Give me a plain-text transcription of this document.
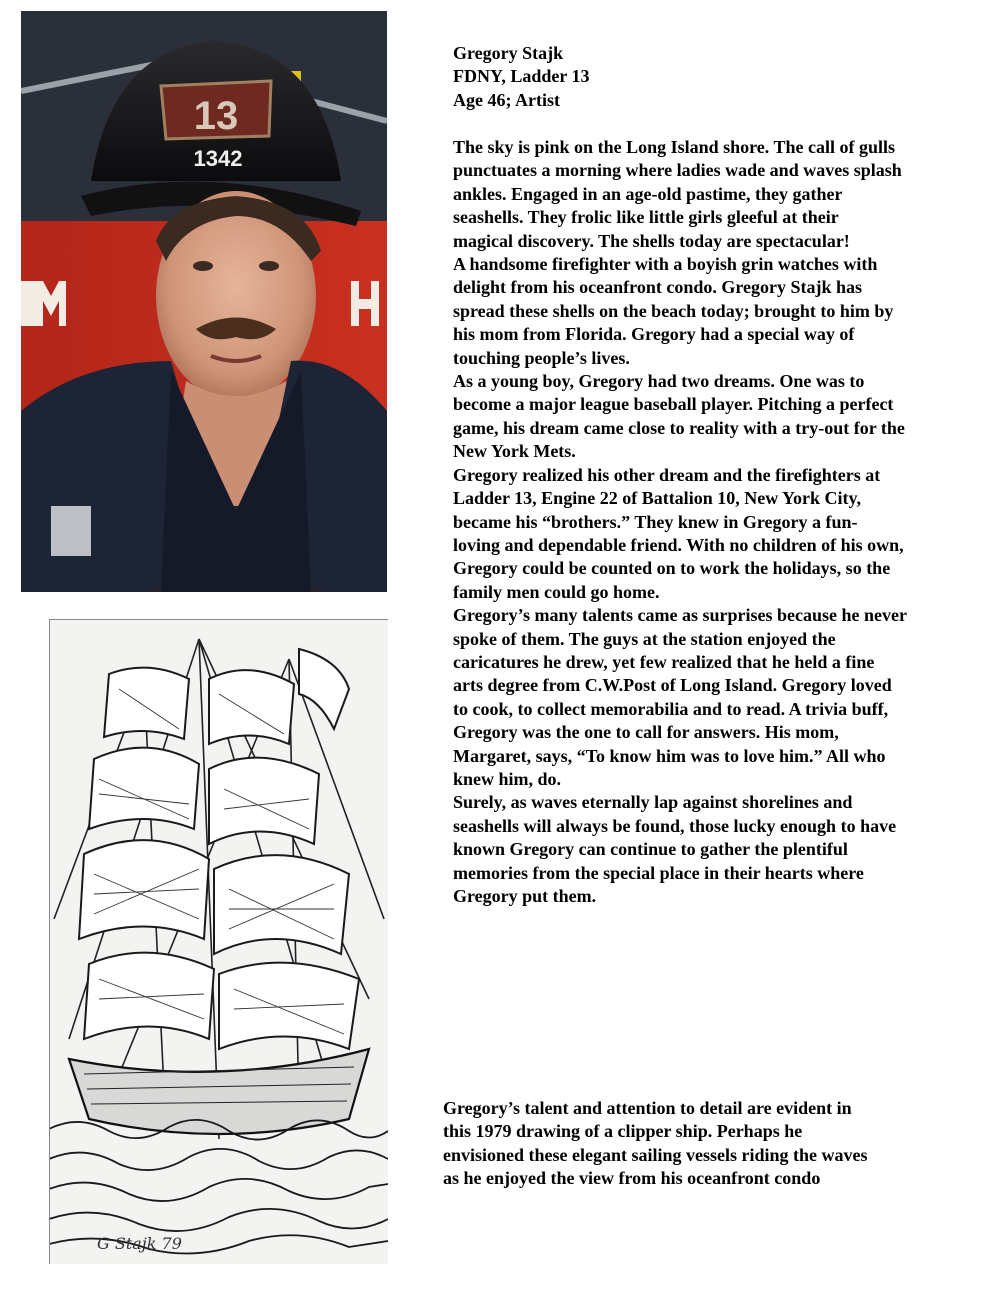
13
1342
Gregory Stajk
FDNY, Ladder 13
Age 46; Artist
The sky is pink on the Long Island shore. The call of gulls
punctuates a morning where ladies wade and waves splash
ankles. Engaged in an age-old pastime, they gather
seashells. They frolic like little girls gleeful at their
magical discovery. The shells today are spectacular!
A handsome firefighter with a boyish grin watches with
delight from his oceanfront condo. Gregory Stajk has
spread these shells on the beach today; brought to him by
his mom from Florida. Gregory had a special way of
touching people’s lives.
As a young boy, Gregory had two dreams. One was to
become a major league baseball player. Pitching a perfect
game, his dream came close to reality with a try-out for the
New York Mets.
Gregory realized his other dream and the firefighters at
Ladder 13, Engine 22 of Battalion 10, New York City,
became his “brothers.” They knew in Gregory a fun-
loving and dependable friend. With no children of his own,
Gregory could be counted on to work the holidays, so the
family men could go home.
Gregory’s many talents came as surprises because he never
spoke of them. The guys at the station enjoyed the
caricatures he drew, yet few realized that he held a fine
arts degree from C.W.Post of Long Island. Gregory loved
to cook, to collect memorabilia and to read. A trivia buff,
Gregory was the one to call for answers. His mom,
Margaret, says, “To know him was to love him.” All who
knew him, do.
Surely, as waves eternally lap against shorelines and
seashells will always be found, those lucky enough to have
known Gregory can continue to gather the plentiful
memories from the special place in their hearts where
Gregory put them.
G Stajk 79
Gregory’s talent and attention to detail are evident in
this 1979 drawing of a clipper ship. Perhaps he
envisioned these elegant sailing vessels riding the waves
as he enjoyed the view from his oceanfront condo
